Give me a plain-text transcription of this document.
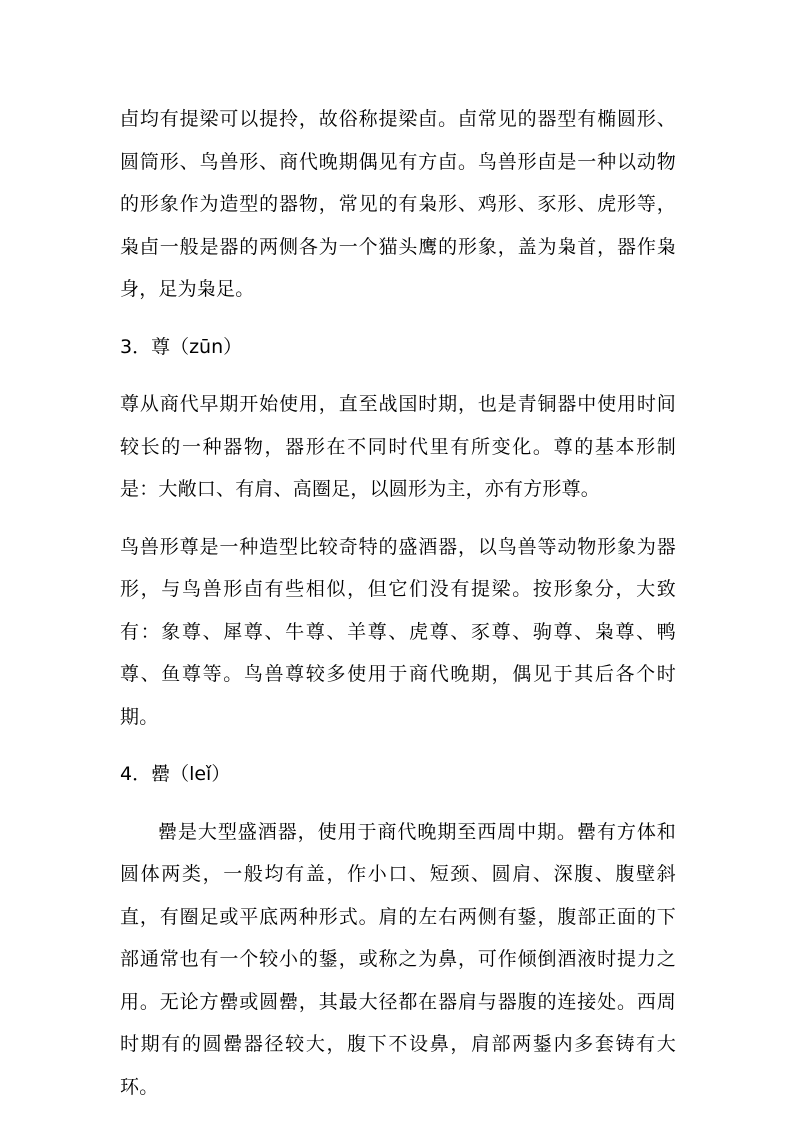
卣均有提梁可以提拎，故俗称提梁卣。卣常见的器型有椭圆形、圆筒形、鸟兽形、商代晚期偶见有方卣。鸟兽形卣是一种以动物的形象作为造型的器物，常见的有枭形、鸡形、豕形、虎形等，枭卣一般是器的两侧各为一个猫头鹰的形象，盖为枭首，器作枭身，足为枭足。

3．尊（zūn）

尊从商代早期开始使用，直至战国时期，也是青铜器中使用时间较长的一种器物，器形在不同时代里有所变化。尊的基本形制是：大敞口、有肩、高圈足，以圆形为主，亦有方形尊。

鸟兽形尊是一种造型比较奇特的盛酒器，以鸟兽等动物形象为器形，与鸟兽形卣有些相似，但它们没有提梁。按形象分，大致有：象尊、犀尊、牛尊、羊尊、虎尊、豕尊、驹尊、枭尊、鸭尊、鱼尊等。鸟兽尊较多使用于商代晚期，偶见于其后各个时期。

4．罍（leǐ）

罍是大型盛酒器，使用于商代晚期至西周中期。罍有方体和圆体两类，一般均有盖，作小口、短颈、圆肩、深腹、腹壁斜直，有圈足或平底两种形式。肩的左右两侧有鋬，腹部正面的下部通常也有一个较小的鋬，或称之为鼻，可作倾倒酒液时提力之用。无论方罍或圆罍，其最大径都在器肩与器腹的连接处。西周时期有的圆罍器径较大，腹下不设鼻，肩部两鋬内多套铸有大环。
